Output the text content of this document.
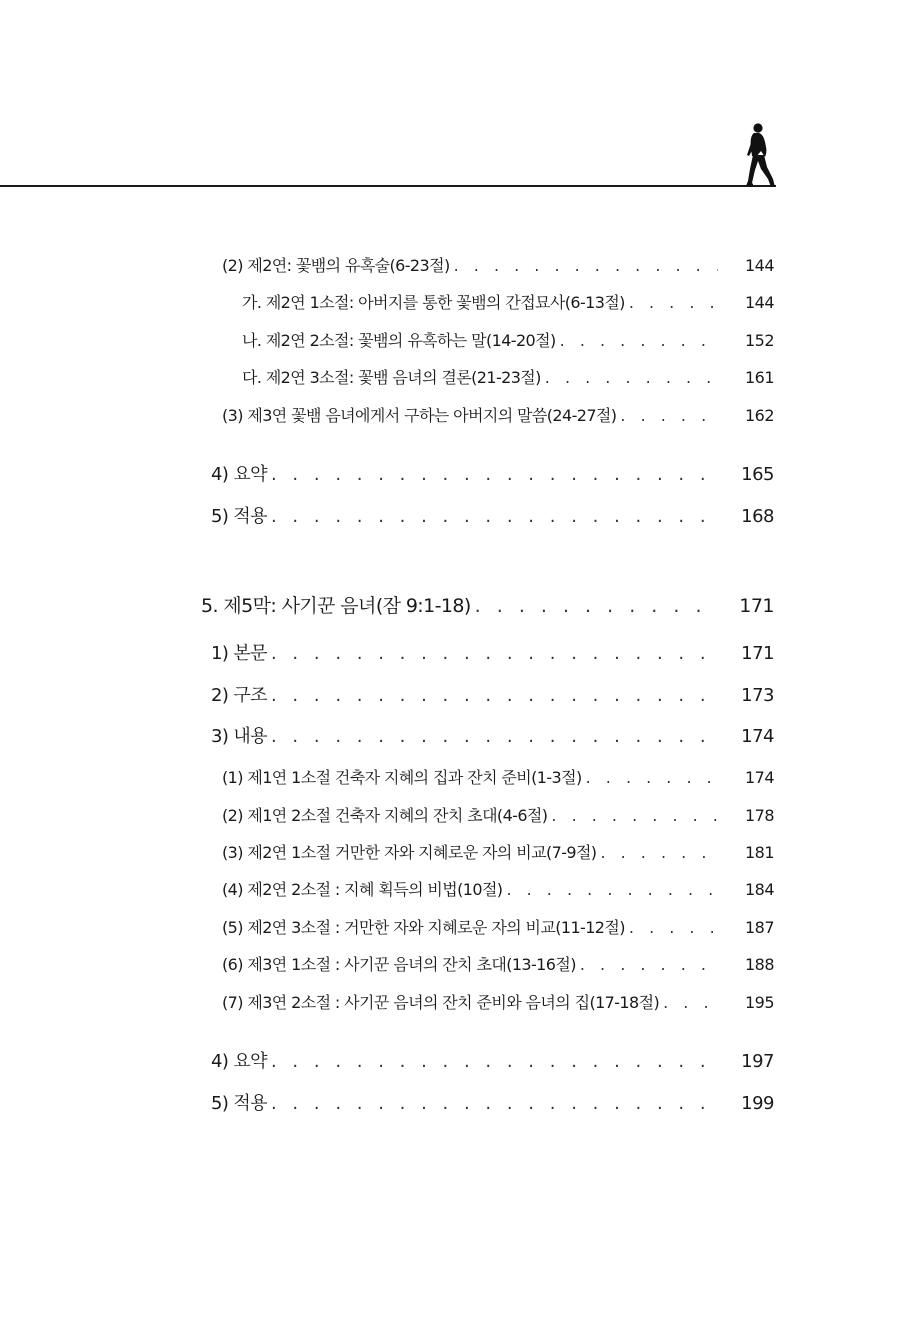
(2) 제2연: 꽃뱀의 유혹술(6-23절) . . .	144
가. 제2연 1소절: 아버지를 통한 꽃뱀의 간접묘사(6-13절) . . .	144
나. 제2연 2소절: 꽃뱀의 유혹하는 말(14-20절) . . .	152
다. 제2연 3소절: 꽃뱀 음녀의 결론(21-23절) . . .	161
(3) 제3연 꽃뱀 음녀에게서 구하는 아버지의 말씀(24-27절) . . .	162
4) 요약 . . .	165
5) 적용 . . .	168
5. 제5막: 사기꾼 음녀(잠 9:1-18) . . .	171
1) 본문 . . .	171
2) 구조 . . .	173
3) 내용 . . .	174
(1) 제1연 1소절 건축자 지혜의 집과 잔치 준비(1-3절) . . .	174
(2) 제1연 2소절 건축자 지혜의 잔치 초대(4-6절) . . .	178
(3) 제2연 1소절 거만한 자와 지혜로운 자의 비교(7-9절) . . .	181
(4) 제2연 2소절 : 지혜 획득의 비법(10절) . . .	184
(5) 제2연 3소절 : 거만한 자와 지혜로운 자의 비교(11-12절) . . .	187
(6) 제3연 1소절 : 사기꾼 음녀의 잔치 초대(13-16절) . . .	188
(7) 제3연 2소절 : 사기꾼 음녀의 잔치 준비와 음녀의 집(17-18절) . . .	195
4) 요약 . . .	197
5) 적용 . . .	199
